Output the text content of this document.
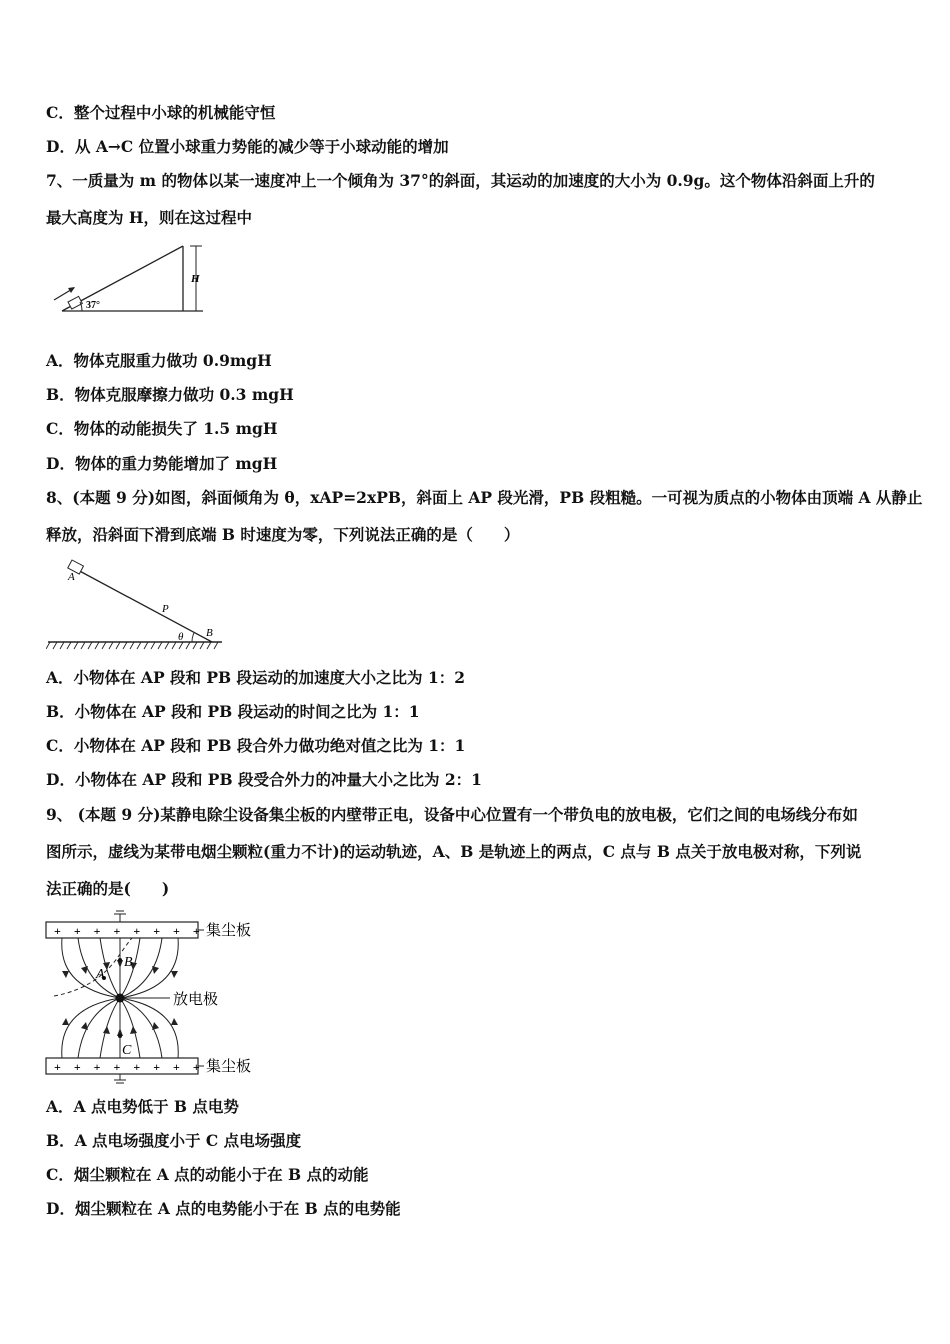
C．整个过程中小球的机械能守恒
D．从 A→C 位置小球重力势能的减少等于小球动能的增加
7、一质量为 m 的物体以某一速度冲上一个倾角为 37°的斜面，其运动的加速度的大小为 0.9g。这个物体沿斜面上升的
最大高度为 H，则在这过程中
H
37°
A．物体克服重力做功 0.9mgH
B．物体克服摩擦力做功 0.3 mgH
C．物体的动能损失了 1.5 mgH
D．物体的重力势能增加了 mgH
8、(本题 9 分)如图，斜面倾角为 θ，xAP=2xPB，斜面上 AP 段光滑，PB 段粗糙。一可视为质点的小物体由顶端 A 从静止
释放，沿斜面下滑到底端 B 时速度为零，下列说法正确的是（　　）
A
P
B
θ
A．小物体在 AP 段和 PB 段运动的加速度大小之比为 1：2
B．小物体在 AP 段和 PB 段运动的时间之比为 1：1
C．小物体在 AP 段和 PB 段合外力做功绝对值之比为 1：1
D．小物体在 AP 段和 PB 段受合外力的冲量大小之比为 2：1
9、 (本题 9 分)某静电除尘设备集尘板的内壁带正电，设备中心位置有一个带负电的放电极，它们之间的电场线分布如
图所示，虚线为某带电烟尘颗粒(重力不计)的运动轨迹，A、B 是轨迹上的两点，C 点与 B 点关于放电极对称，下列说
法正确的是(　　)
+ + + + + + + + 集尘板
B
A
C
放电极
+ + + + + + + + 集尘板
A．A 点电势低于 B 点电势
B．A 点电场强度小于 C 点电场强度
C．烟尘颗粒在 A 点的动能小于在 B 点的动能
D．烟尘颗粒在 A 点的电势能小于在 B 点的电势能
